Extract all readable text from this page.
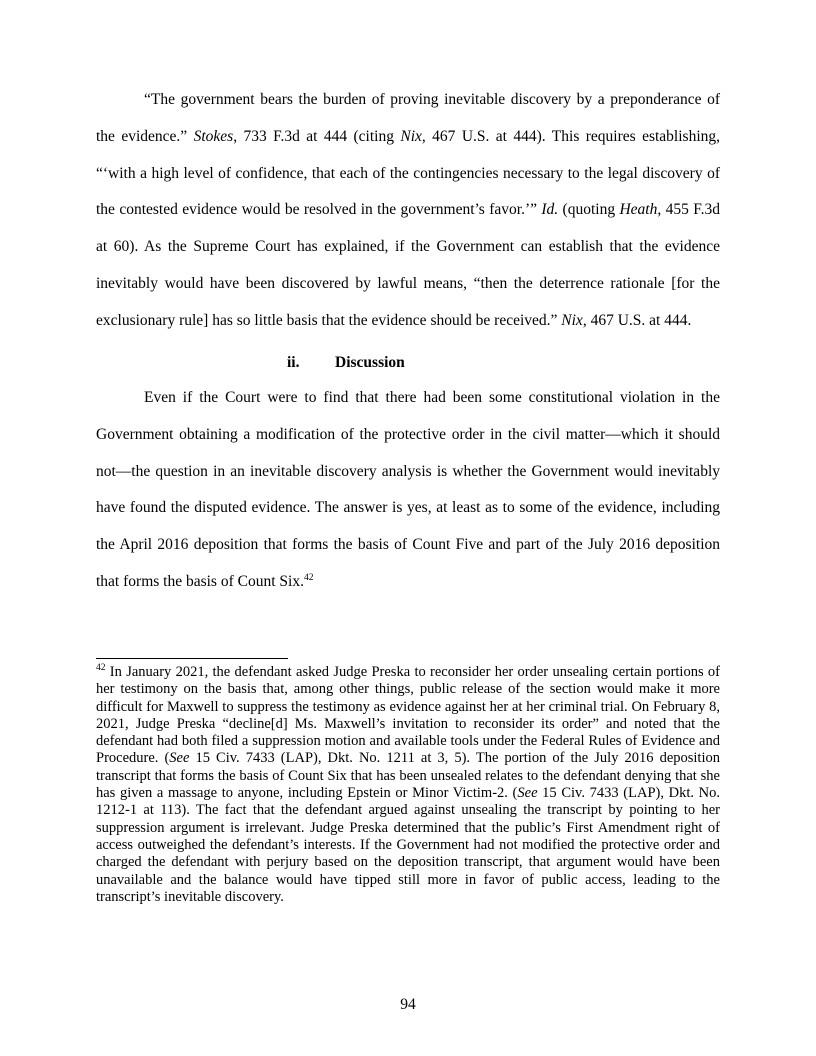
“The government bears the burden of proving inevitable discovery by a preponderance of the evidence.” Stokes, 733 F.3d at 444 (citing Nix, 467 U.S. at 444). This requires establishing, “‘with a high level of confidence, that each of the contingencies necessary to the legal discovery of the contested evidence would be resolved in the government’s favor.’” Id. (quoting Heath, 455 F.3d at 60). As the Supreme Court has explained, if the Government can establish that the evidence inevitably would have been discovered by lawful means, “then the deterrence rationale [for the exclusionary rule] has so little basis that the evidence should be received.” Nix, 467 U.S. at 444.

ii. Discussion

Even if the Court were to find that there had been some constitutional violation in the Government obtaining a modification of the protective order in the civil matter—which it should not—the question in an inevitable discovery analysis is whether the Government would inevitably have found the disputed evidence. The answer is yes, at least as to some of the evidence, including the April 2016 deposition that forms the basis of Count Five and part of the July 2016 deposition that forms the basis of Count Six.$^{42}$

$^{42}$ In January 2021, the defendant asked Judge Preska to reconsider her order unsealing certain portions of her testimony on the basis that, among other things, public release of the section would make it more difficult for Maxwell to suppress the testimony as evidence against her at her criminal trial. On February 8, 2021, Judge Preska “decline[d] Ms. Maxwell’s invitation to reconsider its order” and noted that the defendant had both filed a suppression motion and available tools under the Federal Rules of Evidence and Procedure. (See 15 Civ. 7433 (LAP), Dkt. No. 1211 at 3, 5). The portion of the July 2016 deposition transcript that forms the basis of Count Six that has been unsealed relates to the defendant denying that she has given a massage to anyone, including Epstein or Minor Victim-2. (See 15 Civ. 7433 (LAP), Dkt. No. 1212-1 at 113). The fact that the defendant argued against unsealing the transcript by pointing to her suppression argument is irrelevant. Judge Preska determined that the public’s First Amendment right of access outweighed the defendant’s interests. If the Government had not modified the protective order and charged the defendant with perjury based on the deposition transcript, that argument would have been unavailable and the balance would have tipped still more in favor of public access, leading to the transcript’s inevitable discovery.

94
